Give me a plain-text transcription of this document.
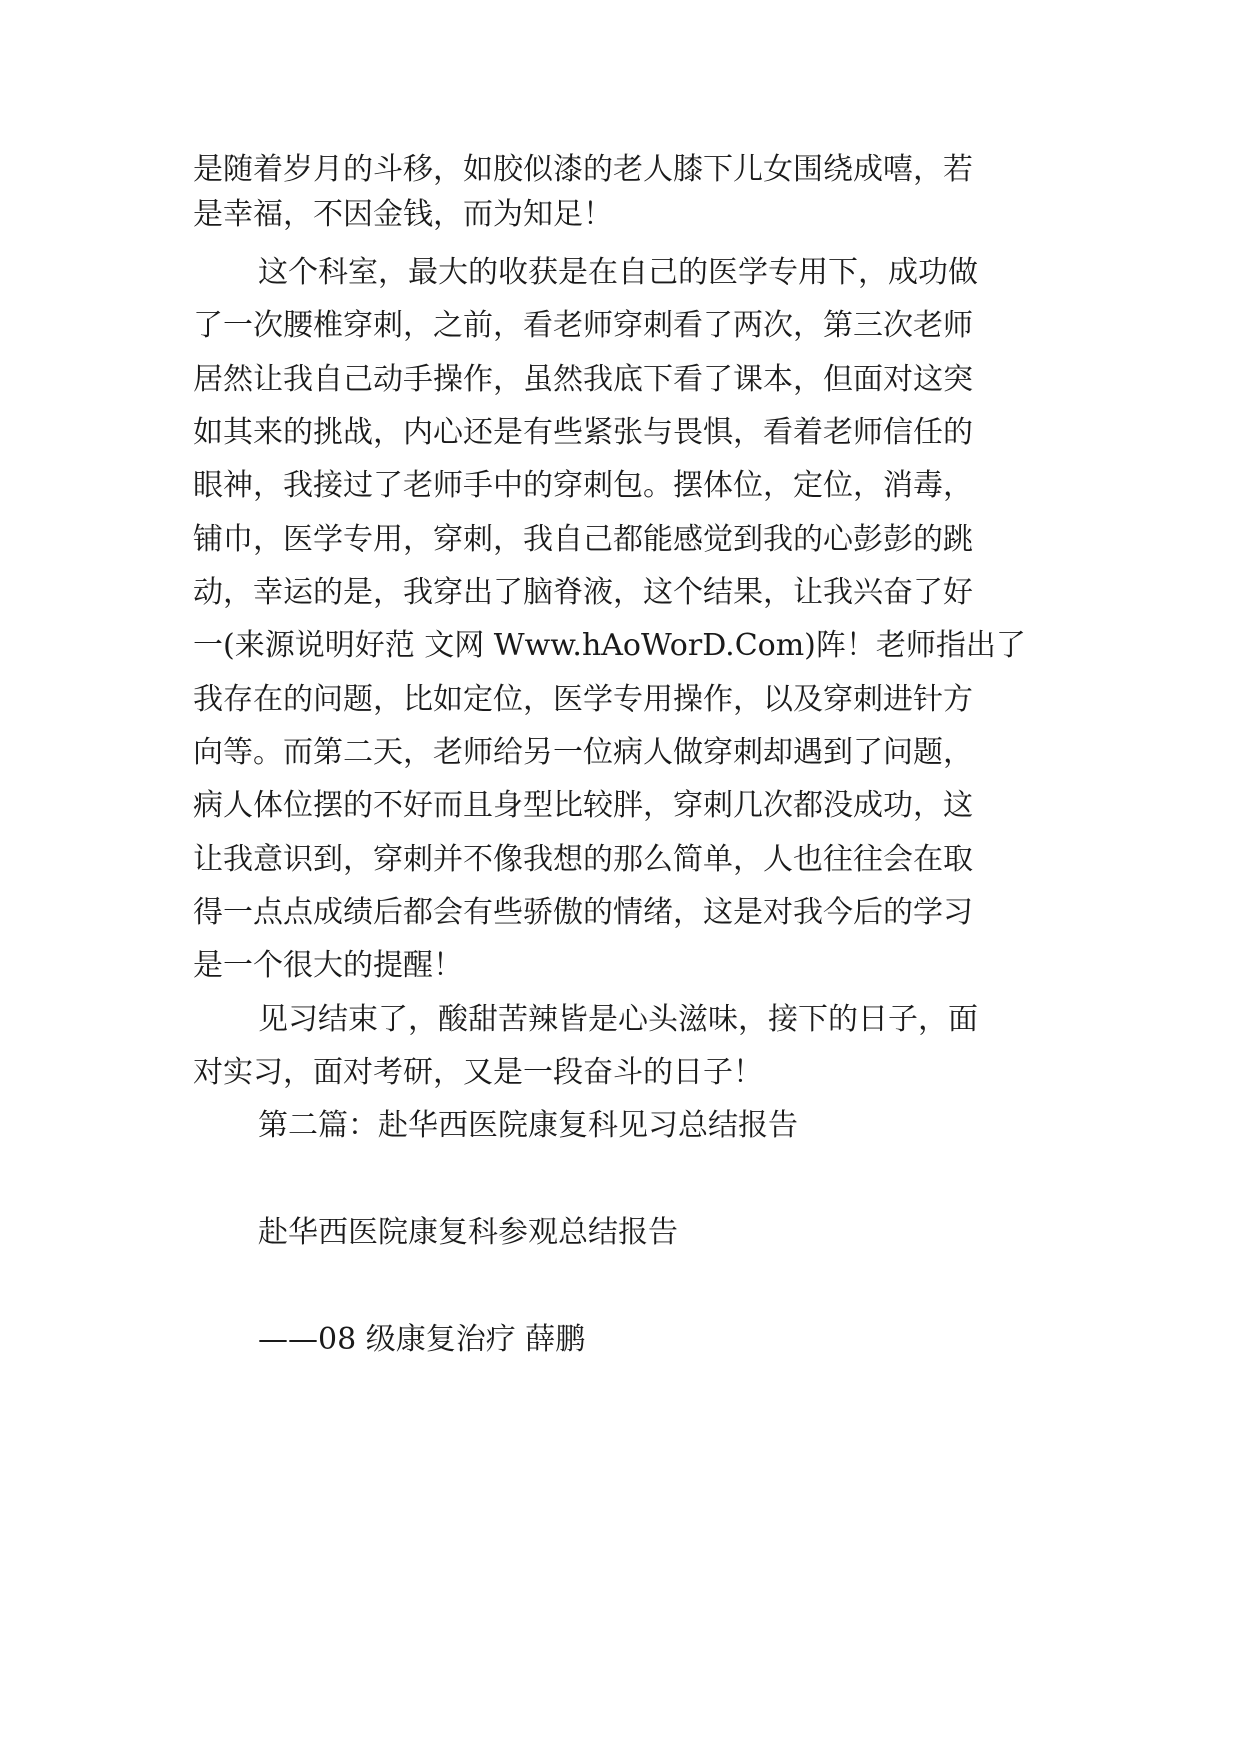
是随着岁月的斗移，如胶似漆的老人膝下儿女围绕成嘻，若
是幸福，不因金钱，而为知足！
这个科室，最大的收获是在自己的医学专用下，成功做
了一次腰椎穿刺，之前，看老师穿刺看了两次，第三次老师
居然让我自己动手操作，虽然我底下看了课本，但面对这突
如其来的挑战，内心还是有些紧张与畏惧，看着老师信任的
眼神，我接过了老师手中的穿刺包。摆体位，定位，消毒，
铺巾，医学专用，穿刺，我自己都能感觉到我的心彭彭的跳
动，幸运的是，我穿出了脑脊液，这个结果，让我兴奋了好
一(来源说明好范 文网 Www.hAoWorD.Com)阵！老师指出了
我存在的问题，比如定位，医学专用操作，以及穿刺进针方
向等。而第二天，老师给另一位病人做穿刺却遇到了问题，
病人体位摆的不好而且身型比较胖，穿刺几次都没成功，这
让我意识到，穿刺并不像我想的那么简单，人也往往会在取
得一点点成绩后都会有些骄傲的情绪，这是对我今后的学习
是一个很大的提醒！
见习结束了，酸甜苦辣皆是心头滋味，接下的日子，面
对实习，面对考研，又是一段奋斗的日子！
第二篇：赴华西医院康复科见习总结报告
赴华西医院康复科参观总结报告
——08 级康复治疗 薛鹏
